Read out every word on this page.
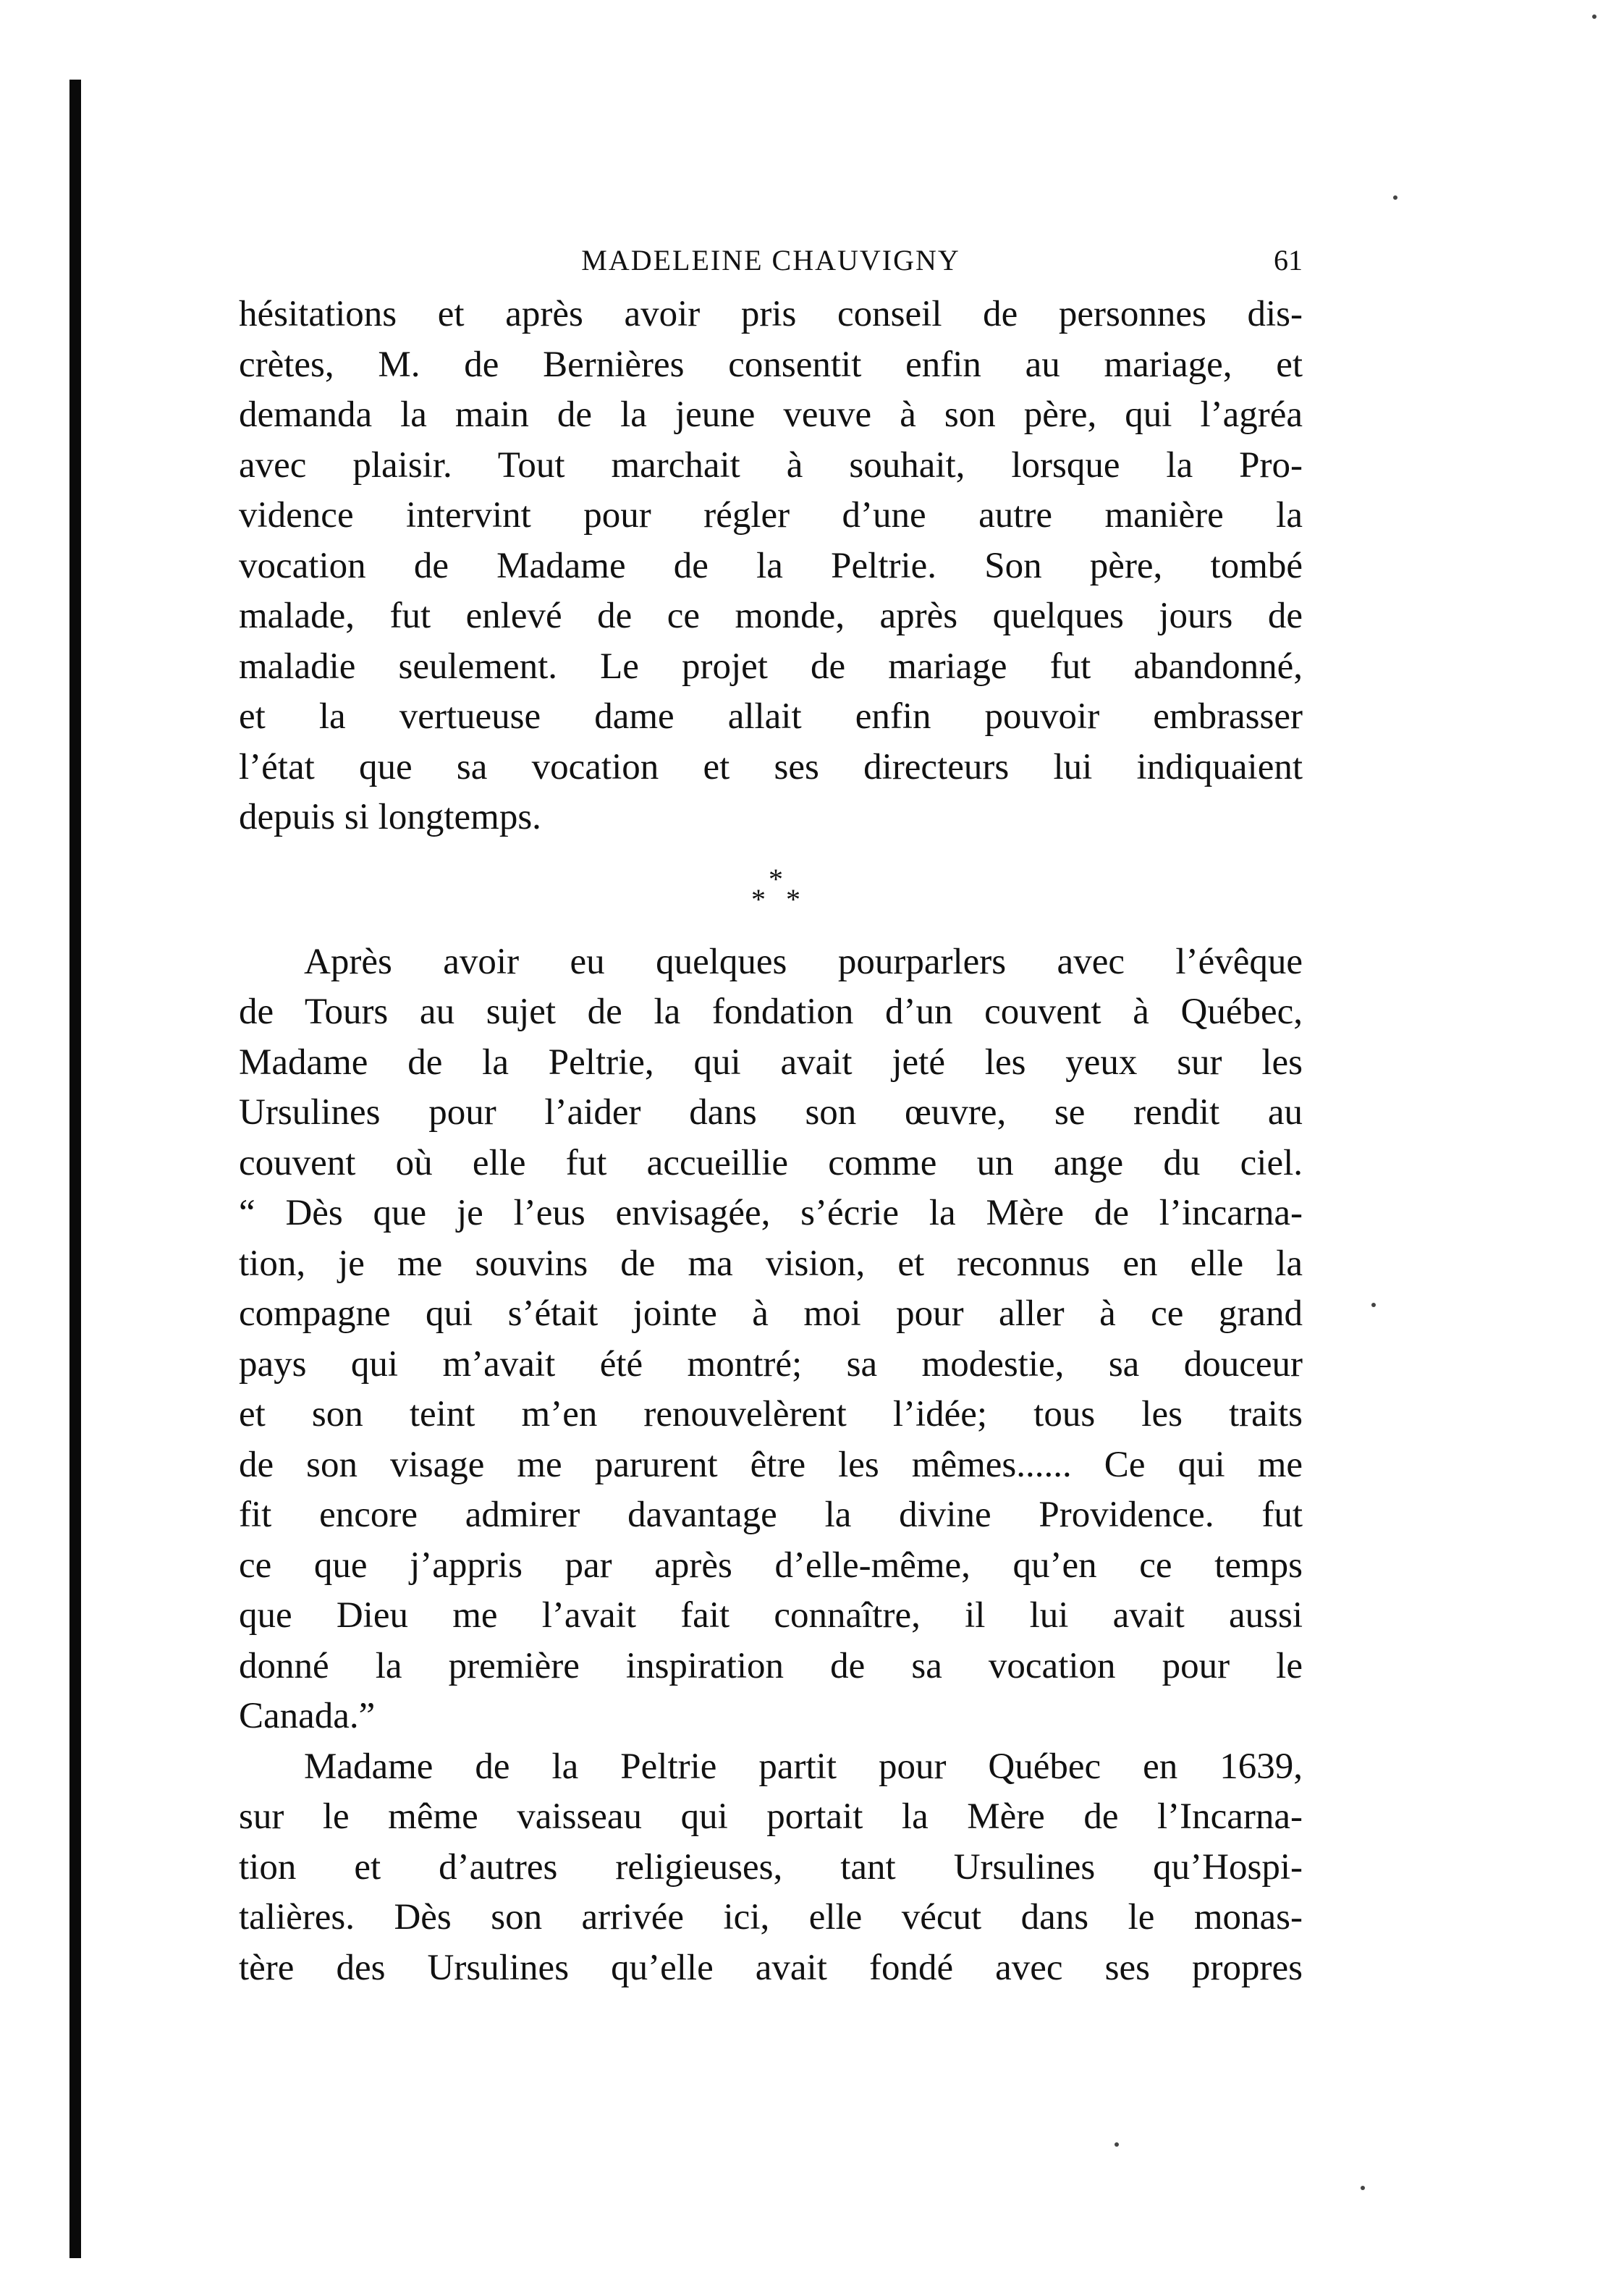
MADELEINE CHAUVIGNY	61
hésitations et après avoir pris conseil de personnes dis-
crètes, M. de Bernières consentit enfin au mariage, et
demanda la main de la jeune veuve à son père, qui l’agréa
avec plaisir. Tout marchait à souhait, lorsque la Pro-
vidence intervint pour régler d’une autre manière la
vocation de Madame de la Peltrie. Son père, tombé
malade, fut enlevé de ce monde, après quelques jours de
maladie seulement. Le projet de mariage fut abandonné,
et la vertueuse dame allait enfin pouvoir embrasser
l’état que sa vocation et ses directeurs lui indiquaient
depuis si longtemps.
*
* *
Après avoir eu quelques pourparlers avec l’évêque
de Tours au sujet de la fondation d’un couvent à Québec,
Madame de la Peltrie, qui avait jeté les yeux sur les
Ursulines pour l’aider dans son œuvre, se rendit au
couvent où elle fut accueillie comme un ange du ciel.
“ Dès que je l’eus envisagée, s’écrie la Mère de l’incarna-
tion, je me souvins de ma vision, et reconnus en elle la
compagne qui s’était jointe à moi pour aller à ce grand
pays qui m’avait été montré; sa modestie, sa douceur
et son teint m’en renouvelèrent l’idée; tous les traits
de son visage me parurent être les mêmes...... Ce qui me
fit encore admirer davantage la divine Providence. fut
ce que j’appris par après d’elle-même, qu’en ce temps
que Dieu me l’avait fait connaître, il lui avait aussi
donné la première inspiration de sa vocation pour le
Canada.”
Madame de la Peltrie partit pour Québec en 1639,
sur le même vaisseau qui portait la Mère de l’Incarna-
tion et d’autres religieuses, tant Ursulines qu’Hospi-
talières. Dès son arrivée ici, elle vécut dans le monas-
tère des Ursulines qu’elle avait fondé avec ses propres
